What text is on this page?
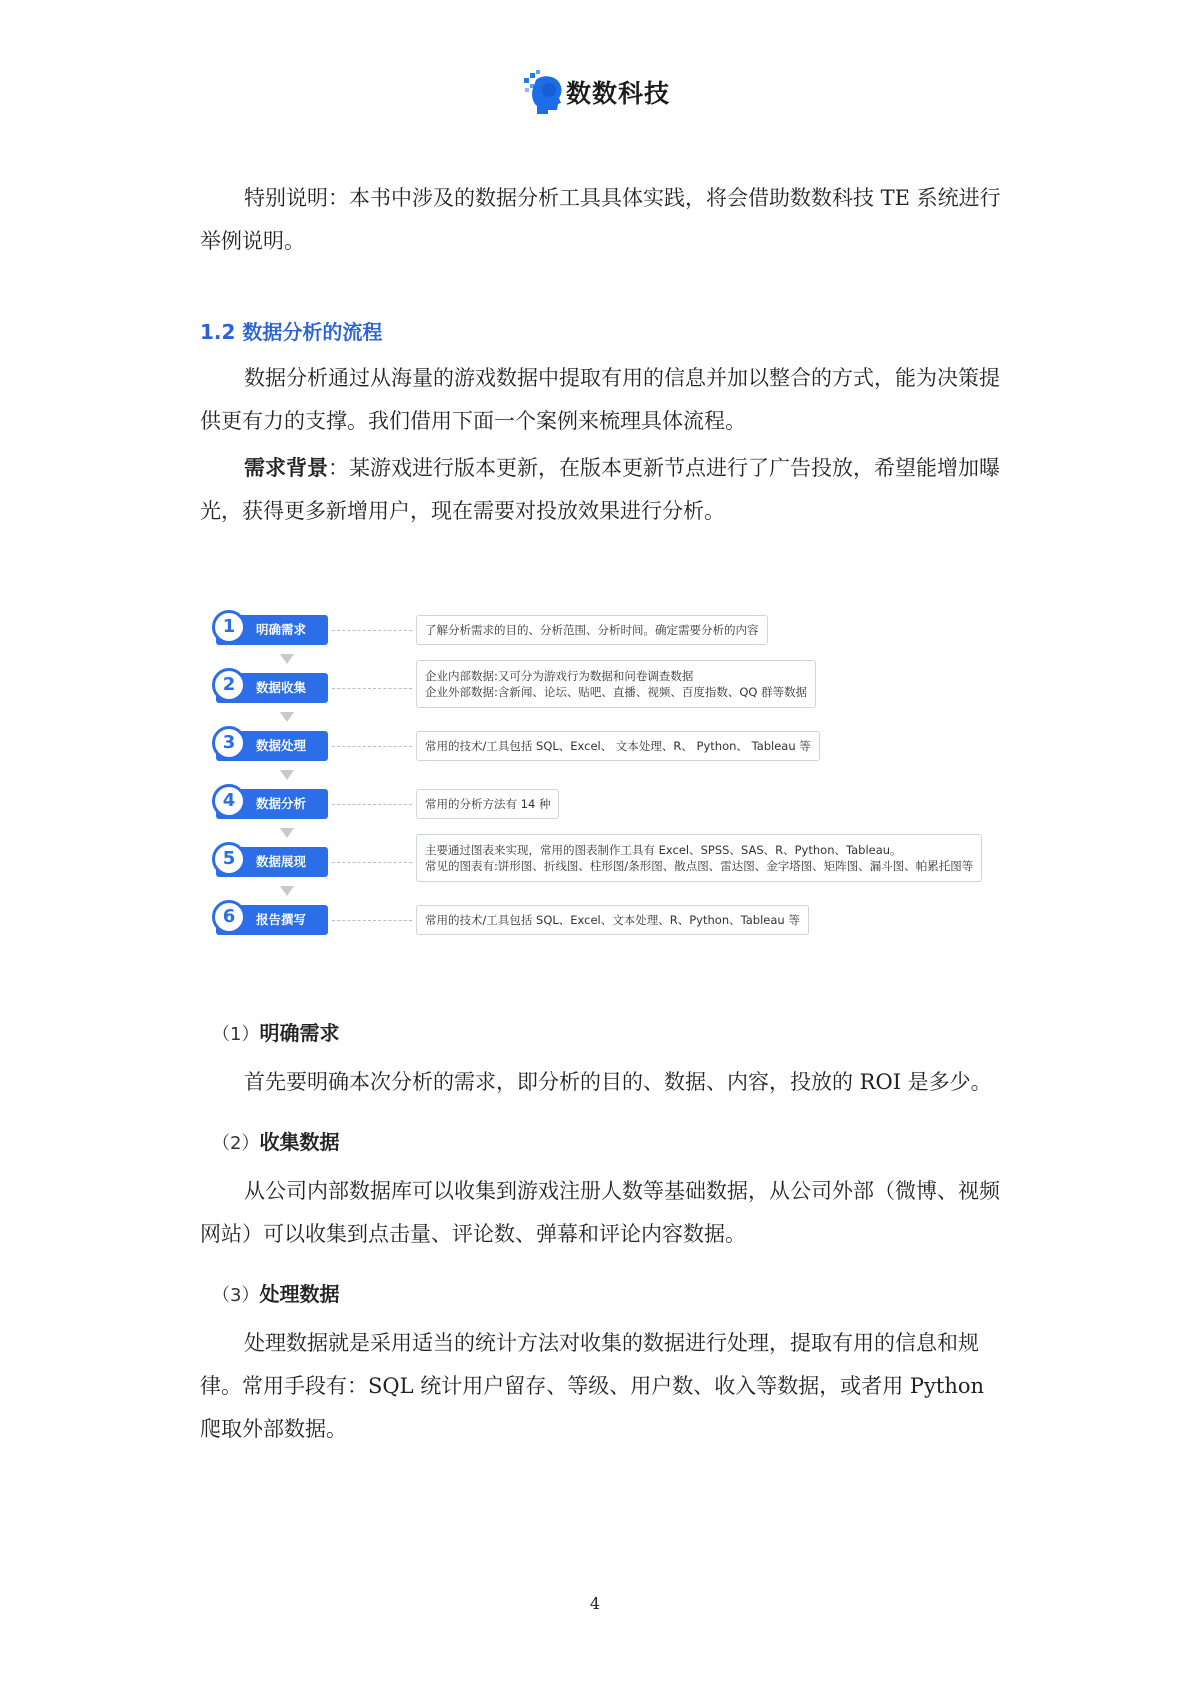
数数科技

特别说明：本书中涉及的数据分析工具具体实践，将会借助数数科技 TE 系统进行举例说明。

1.2 数据分析的流程

数据分析通过从海量的游戏数据中提取有用的信息并加以整合的方式，能为决策提供更有力的支撑。我们借用下面一个案例来梳理具体流程。

需求背景：某游戏进行版本更新，在版本更新节点进行了广告投放，希望能增加曝光，获得更多新增用户，现在需要对投放效果进行分析。

明确需求
1	了解分析需求的目的、分析范围、分析时间。确定需要分析的内容
数据收集
2	企业内部数据:又可分为游戏行为数据和问卷调查数据
企业外部数据:含新闻、论坛、贴吧、直播、视频、百度指数、QQ 群等数据
数据处理
3	常用的技术/工具包括 SQL、Excel、 文本处理、R、 Python、 Tableau 等
数据分析
4	常用的分析方法有 14 种
数据展现
5	主要通过图表来实现，常用的图表制作工具有 Excel、SPSS、SAS、R、Python、Tableau。
常见的图表有:饼形图、折线图、柱形图/条形图、散点图、雷达图、金字塔图、矩阵图、漏斗图、帕累托图等
报告撰写
6	常用的技术/工具包括 SQL、Excel、文本处理、R、Python、Tableau 等
（1）明确需求

首先要明确本次分析的需求，即分析的目的、数据、内容，投放的 ROI 是多少。

（2）收集数据

从公司内部数据库可以收集到游戏注册人数等基础数据，从公司外部（微博、视频网站）可以收集到点击量、评论数、弹幕和评论内容数据。

（3）处理数据

处理数据就是采用适当的统计方法对收集的数据进行处理，提取有用的信息和规律。常用手段有：SQL 统计用户留存、等级、用户数、收入等数据，或者用 Python 爬取外部数据。

4
